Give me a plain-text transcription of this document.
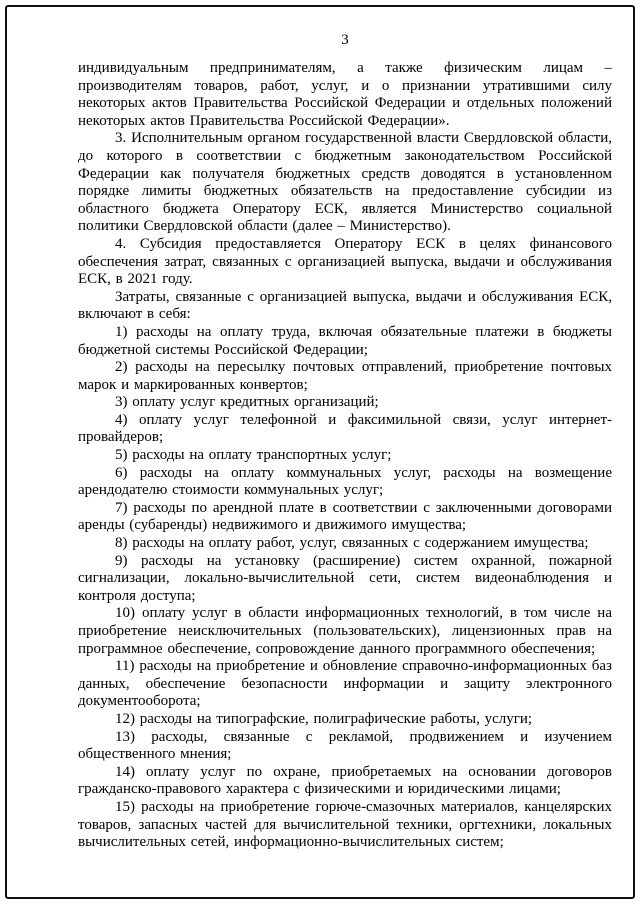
3

индивидуальным предпринимателям, а также физическим лицам – производителям товаров, работ, услуг, и о признании утратившими силу некоторых актов Правительства Российской Федерации и отдельных положений некоторых актов Правительства Российской Федерации».

3. Исполнительным органом государственной власти Свердловской области, до которого в соответствии с бюджетным законодательством Российской Федерации как получателя бюджетных средств доводятся в установленном порядке лимиты бюджетных обязательств на предоставление субсидии из областного бюджета Оператору ЕСК, является Министерство социальной политики Свердловской области (далее – Министерство).

4. Субсидия предоставляется Оператору ЕСК в целях финансового обеспечения затрат, связанных с организацией выпуска, выдачи и обслуживания ЕСК, в 2021 году.

Затраты, связанные с организацией выпуска, выдачи и обслуживания ЕСК, включают в себя:

1) расходы на оплату труда, включая обязательные платежи в бюджеты бюджетной системы Российской Федерации;

2) расходы на пересылку почтовых отправлений, приобретение почтовых марок и маркированных конвертов;

3) оплату услуг кредитных организаций;

4) оплату услуг телефонной и факсимильной связи, услуг интернет-провайдеров;

5) расходы на оплату транспортных услуг;

6) расходы на оплату коммунальных услуг, расходы на возмещение арендодателю стоимости коммунальных услуг;

7) расходы по арендной плате в соответствии с заключенными договорами аренды (субаренды) недвижимого и движимого имущества;

8) расходы на оплату работ, услуг, связанных с содержанием имущества;

9) расходы на установку (расширение) систем охранной, пожарной сигнализации, локально-вычислительной сети, систем видеонаблюдения и контроля доступа;

10) оплату услуг в области информационных технологий, в том числе на приобретение неисключительных (пользовательских), лицензионных прав на программное обеспечение, сопровождение данного программного обеспечения;

11) расходы на приобретение и обновление справочно-информационных баз данных, обеспечение безопасности информации и защиту электронного документооборота;

12) расходы на типографские, полиграфические работы, услуги;

13) расходы, связанные с рекламой, продвижением и изучением общественного мнения;

14) оплату услуг по охране, приобретаемых на основании договоров гражданско-правового характера с физическими и юридическими лицами;

15) расходы на приобретение горюче-смазочных материалов, канцелярских товаров, запасных частей для вычислительной техники, оргтехники, локальных вычислительных сетей, информационно-вычислительных систем;
